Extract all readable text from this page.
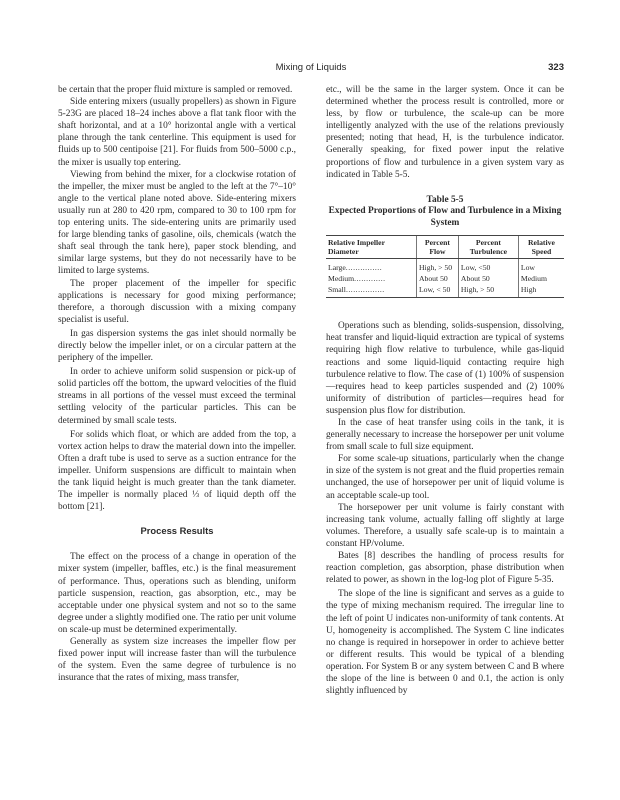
Mixing of Liquids	323

be certain that the proper fluid mixture is sampled or removed.

Side entering mixers (usually propellers) as shown in Figure 5-23G are placed 18–24 inches above a flat tank floor with the shaft horizontal, and at a 10° horizontal angle with a vertical plane through the tank centerline. This equipment is used for fluids up to 500 centipoise [21]. For fluids from 500–5000 c.p., the mixer is usually top entering.

Viewing from behind the mixer, for a clockwise rotation of the impeller, the mixer must be angled to the left at the 7°–10° angle to the vertical plane noted above. Side-entering mixers usually run at 280 to 420 rpm, compared to 30 to 100 rpm for top entering units. The side-entering units are primarily used for large blending tanks of gasoline, oils, chemicals (watch the shaft seal through the tank here), paper stock blending, and similar large systems, but they do not necessarily have to be limited to large systems.

The proper placement of the impeller for specific applications is necessary for good mixing performance; therefore, a thorough discussion with a mixing company specialist is useful.

In gas dispersion systems the gas inlet should normally be directly below the impeller inlet, or on a circular pattern at the periphery of the impeller.

In order to achieve uniform solid suspension or pick-up of solid particles off the bottom, the upward velocities of the fluid streams in all portions of the vessel must exceed the terminal settling velocity of the particular particles. This can be determined by small scale tests.

For solids which float, or which are added from the top, a vortex action helps to draw the material down into the impeller. Often a draft tube is used to serve as a suction entrance for the impeller. Uniform suspensions are difficult to maintain when the tank liquid height is much greater than the tank diameter. The impeller is normally placed ⅓ of liquid depth off the bottom [21].

Process Results

The effect on the process of a change in operation of the mixer system (impeller, baffles, etc.) is the final measurement of performance. Thus, operations such as blending, uniform particle suspension, reaction, gas absorption, etc., may be acceptable under one physical system and not so to the same degree under a slightly modified one. The ratio per unit volume on scale-up must be determined experimentally.

Generally as system size increases the impeller flow per fixed power input will increase faster than will the turbulence of the system. Even the same degree of turbulence is no insurance that the rates of mixing, mass transfer,

etc., will be the same in the larger system. Once it can be determined whether the process result is controlled, more or less, by flow or turbulence, the scale-up can be more intelligently analyzed with the use of the relations previously presented; noting that head, H, is the turbulence indicator. Generally speaking, for fixed power input the relative proportions of flow and turbulence in a given system vary as indicated in Table 5-5.

Table 5-5
Expected Proportions of Flow and Turbulence in a Mixing System
Relative Impeller Diameter	Percent Flow	Percent Turbulence	Relative Speed
Large...............	High, > 50	Low, <50	Low
Medium.............	About 50	About 50	Medium
Small................	Low, < 50	High, > 50	High

Operations such as blending, solids-suspension, dissolving, heat transfer and liquid-liquid extraction are typical of systems requiring high flow relative to turbulence, while gas-liquid reactions and some liquid-liquid contacting require high turbulence relative to flow. The case of (1) 100% of suspension—requires head to keep particles suspended and (2) 100% uniformity of distribution of particles—requires head for suspension plus flow for distribution.

In the case of heat transfer using coils in the tank, it is generally necessary to increase the horsepower per unit volume from small scale to full size equipment.

For some scale-up situations, particularly when the change in size of the system is not great and the fluid properties remain unchanged, the use of horsepower per unit of liquid volume is an acceptable scale-up tool.

The horsepower per unit volume is fairly constant with increasing tank volume, actually falling off slightly at large volumes. Therefore, a usually safe scale-up is to maintain a constant HP/volume.

Bates [8] describes the handling of process results for reaction completion, gas absorption, phase distribution when related to power, as shown in the log-log plot of Figure 5-35.

The slope of the line is significant and serves as a guide to the type of mixing mechanism required. The irregular line to the left of point U indicates non-uniformity of tank contents. At U, homogeneity is accomplished. The System C line indicates no change is required in horsepower in order to achieve better or different results. This would be typical of a blending operation. For System B or any system between C and B where the slope of the line is between 0 and 0.1, the action is only slightly influenced by
